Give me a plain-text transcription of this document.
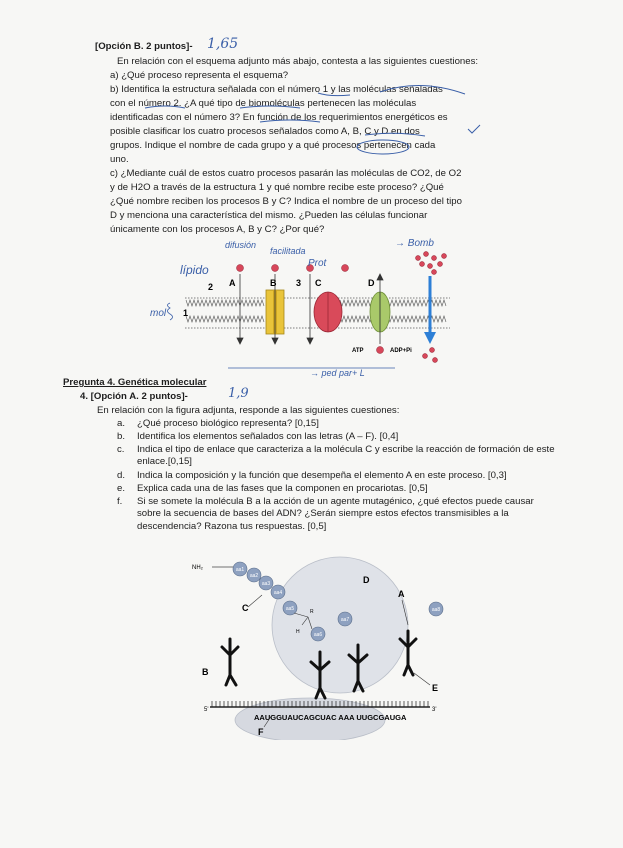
[Opción B. 2 puntos]- 1,65
En relación con el esquema adjunto más abajo, contesta a las siguientes cuestiones:
a) ¿Qué proceso representa el esquema?
b) Identifica la estructura señalada con el número 1 y las moléculas señaladas
con el número 2. ¿A qué tipo de biomoléculas pertenecen las moléculas
identificadas con el número 3? En función de los requerimientos energéticos es
posible clasificar los cuatro procesos señalados como A, B, C y D en dos
grupos. Indique el nombre de cada grupo y a qué procesos pertenecen cada
uno.
c) ¿Mediante cuál de estos cuatro procesos pasarán las moléculas de CO2, de O2
y de H2O a través de la estructura 1 y qué nombre recibe este proceso? ¿Qué
¿Qué nombre reciben los procesos B y C? Indica el nombre de un proceso del tipo
D y menciona una característica del mismo. ¿Pueden las células funcionar
únicamente con los procesos A, B y C? ¿Por qué?
2 A	B 3 C	D
1
ATP	ADP+Pi
lípido
difusión
facilitada
Prot
→ Bomb
mol
→ ped par+ L
Pregunta 4. Genética molecular
4. [Opción A. 2 puntos]-	1,9
En relación con la figura adjunta, responde a las siguientes cuestiones:
a. ¿Qué proceso biológico representa? [0,15]
b. Identifica los elementos señalados con las letras (A – F). [0,4]
c. Indica el tipo de enlace que caracteriza a la molécula C y escribe la reacción de formación de este enlace.[0,15]
d. Indica la composición y la función que desempeña el elemento A en este proceso. [0,3]
e. Explica cada una de las fases que la componen en procariotas. [0,5]
f. Si se somete la molécula B a la acción de un agente mutagénico, ¿qué efectos puede causar sobre la secuencia de bases del ADN? ¿Serán siempre estos efectos transmisibles a la descendencia? Razona tus respuestas. [0,5]
5'	3'
AAUGGUAUCAGCUAC AAA UUGCGAUGA
aa1
aa2
aa3
aa4
aa5
aa6
aa7
aa8
NH₂
R
H
A
B
C
D
E
F
